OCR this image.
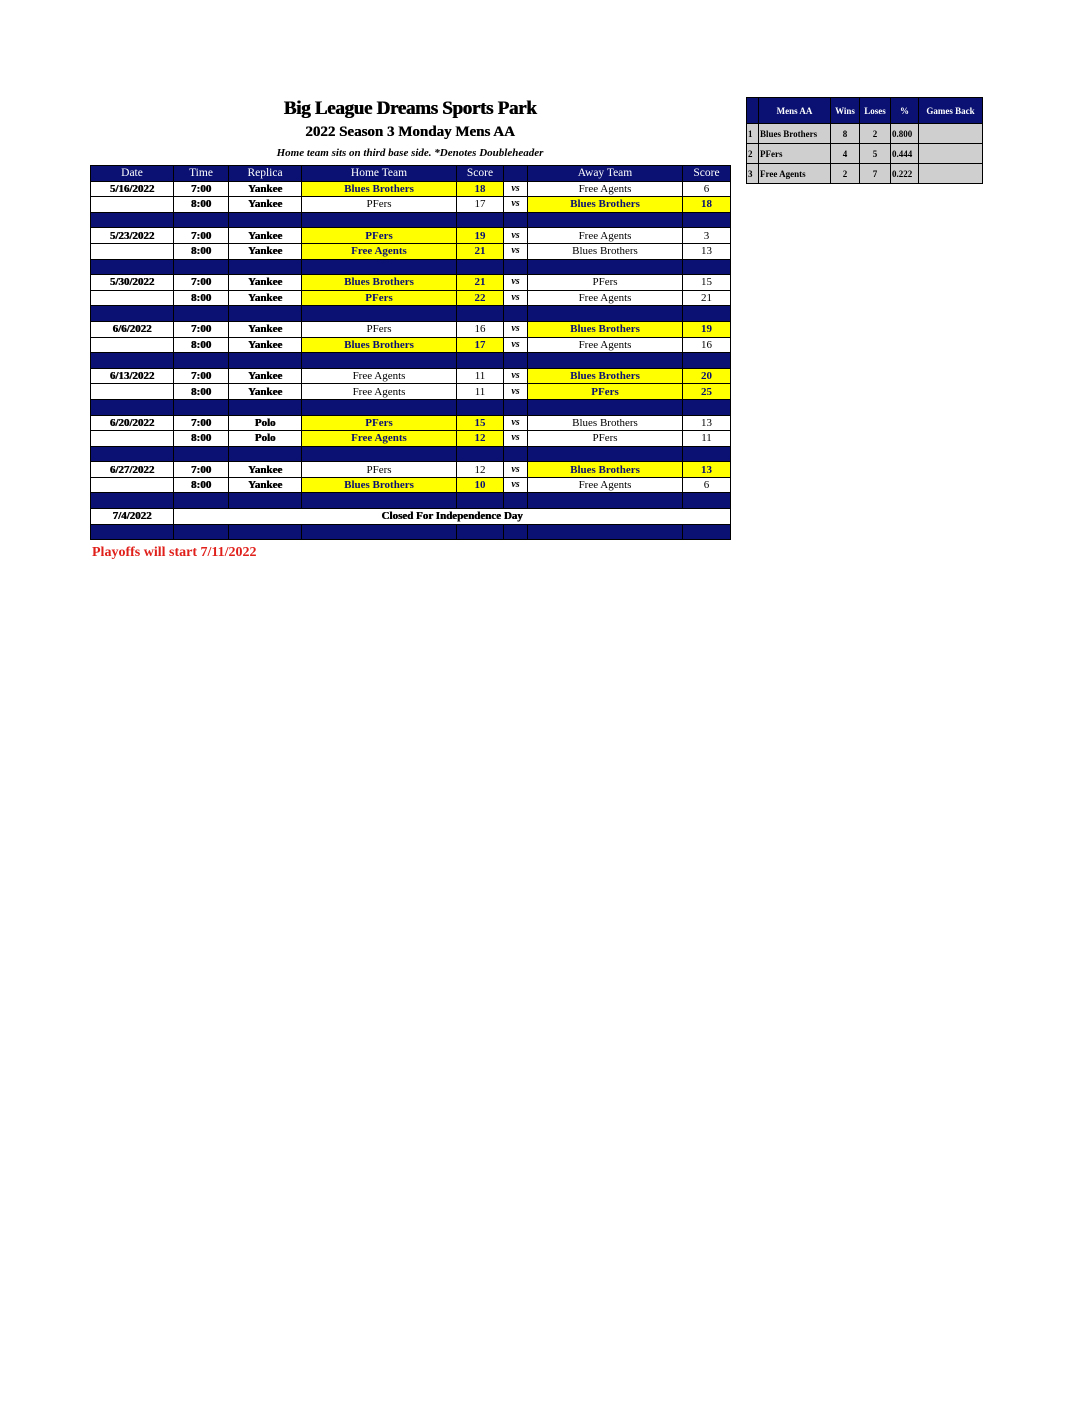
Big League Dreams Sports Park
2022 Season 3 Monday Mens AA
Home team sits on third base side. *Denotes Doubleheader
Date	Time	Replica	Home Team	Score		Away Team	Score
5/16/2022	7:00	Yankee	Blues Brothers	18	vs	Free Agents	6
	8:00	Yankee	PFers	17	vs	Blues Brothers	18

5/23/2022	7:00	Yankee	PFers	19	vs	Free Agents	3
	8:00	Yankee	Free Agents	21	vs	Blues Brothers	13

5/30/2022	7:00	Yankee	Blues Brothers	21	vs	PFers	15
	8:00	Yankee	PFers	22	vs	Free Agents	21

6/6/2022	7:00	Yankee	PFers	16	vs	Blues Brothers	19
	8:00	Yankee	Blues Brothers	17	vs	Free Agents	16

6/13/2022	7:00	Yankee	Free Agents	11	vs	Blues Brothers	20
	8:00	Yankee	Free Agents	11	vs	PFers	25

6/20/2022	7:00	Polo	PFers	15	vs	Blues Brothers	13
	8:00	Polo	Free Agents	12	vs	PFers	11

6/27/2022	7:00	Yankee	PFers	12	vs	Blues Brothers	13
	8:00	Yankee	Blues Brothers	10	vs	Free Agents	6

7/4/2022	Closed For Independence Day						

	Mens AA	Wins	Loses	%	Games Back
1	Blues Brothers	8	2	0.800	
2	PFers	4	5	0.444	
3	Free Agents	2	7	0.222	
Playoffs will start 7/11/2022
